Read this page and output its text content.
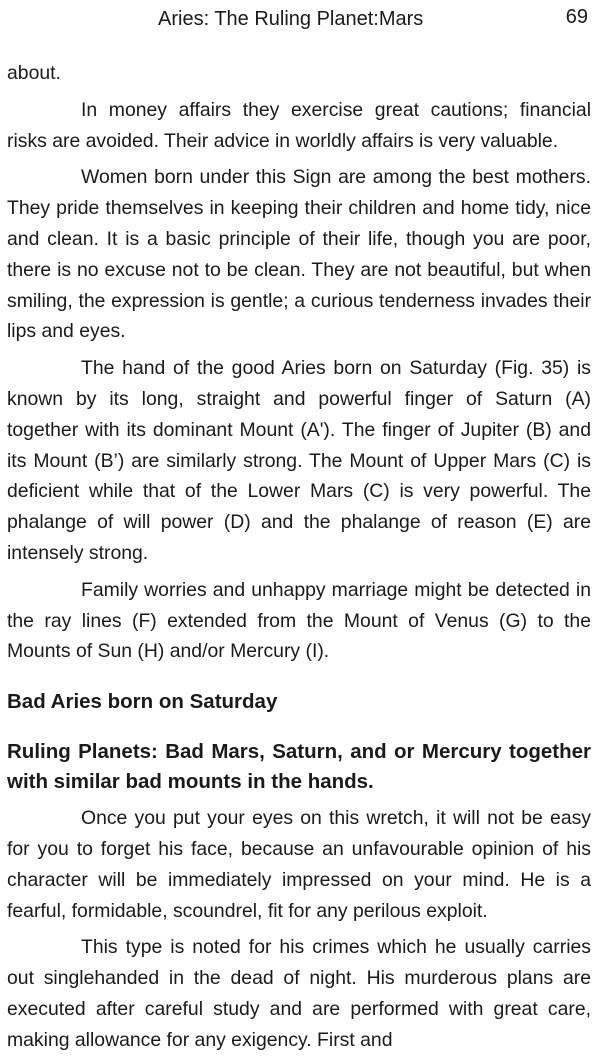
Aries: The Ruling Planet:Mars	69

about.

In money affairs they exercise great cautions; financial risks are avoided. Their advice in worldly affairs is very valuable.

Women born under this Sign are among the best mothers. They pride themselves in keeping their children and home tidy, nice and clean. It is a basic principle of their life, though you are poor, there is no excuse not to be clean. They are not beautiful, but when smiling, the expression is gentle; a curious tenderness invades their lips and eyes.

The hand of the good Aries born on Saturday (Fig. 35) is known by its long, straight and powerful finger of Saturn (A) together with its dominant Mount (A'). The finger of Jupiter (B) and its Mount (B’) are similarly strong. The Mount of Upper Mars (C) is deficient while that of the Lower Mars (C) is very powerful. The phalange of will power (D) and the phalange of reason (E) are intensely strong.

Family worries and unhappy marriage might be detected in the ray lines (F) extended from the Mount of Venus (G) to the Mounts of Sun (H) and/or Mercury (I).

Bad Aries born on Saturday

Ruling Planets: Bad Mars, Saturn, and or Mercury together with similar bad mounts in the hands.

Once you put your eyes on this wretch, it will not be easy for you to forget his face, because an unfavourable opinion of his character will be immediately impressed on your mind. He is a fearful, formidable, scoundrel, fit for any perilous exploit.

This type is noted for his crimes which he usually carries out singlehanded in the dead of night. His murderous plans are executed after careful study and are performed with great care, making allowance for any exigency. First and
